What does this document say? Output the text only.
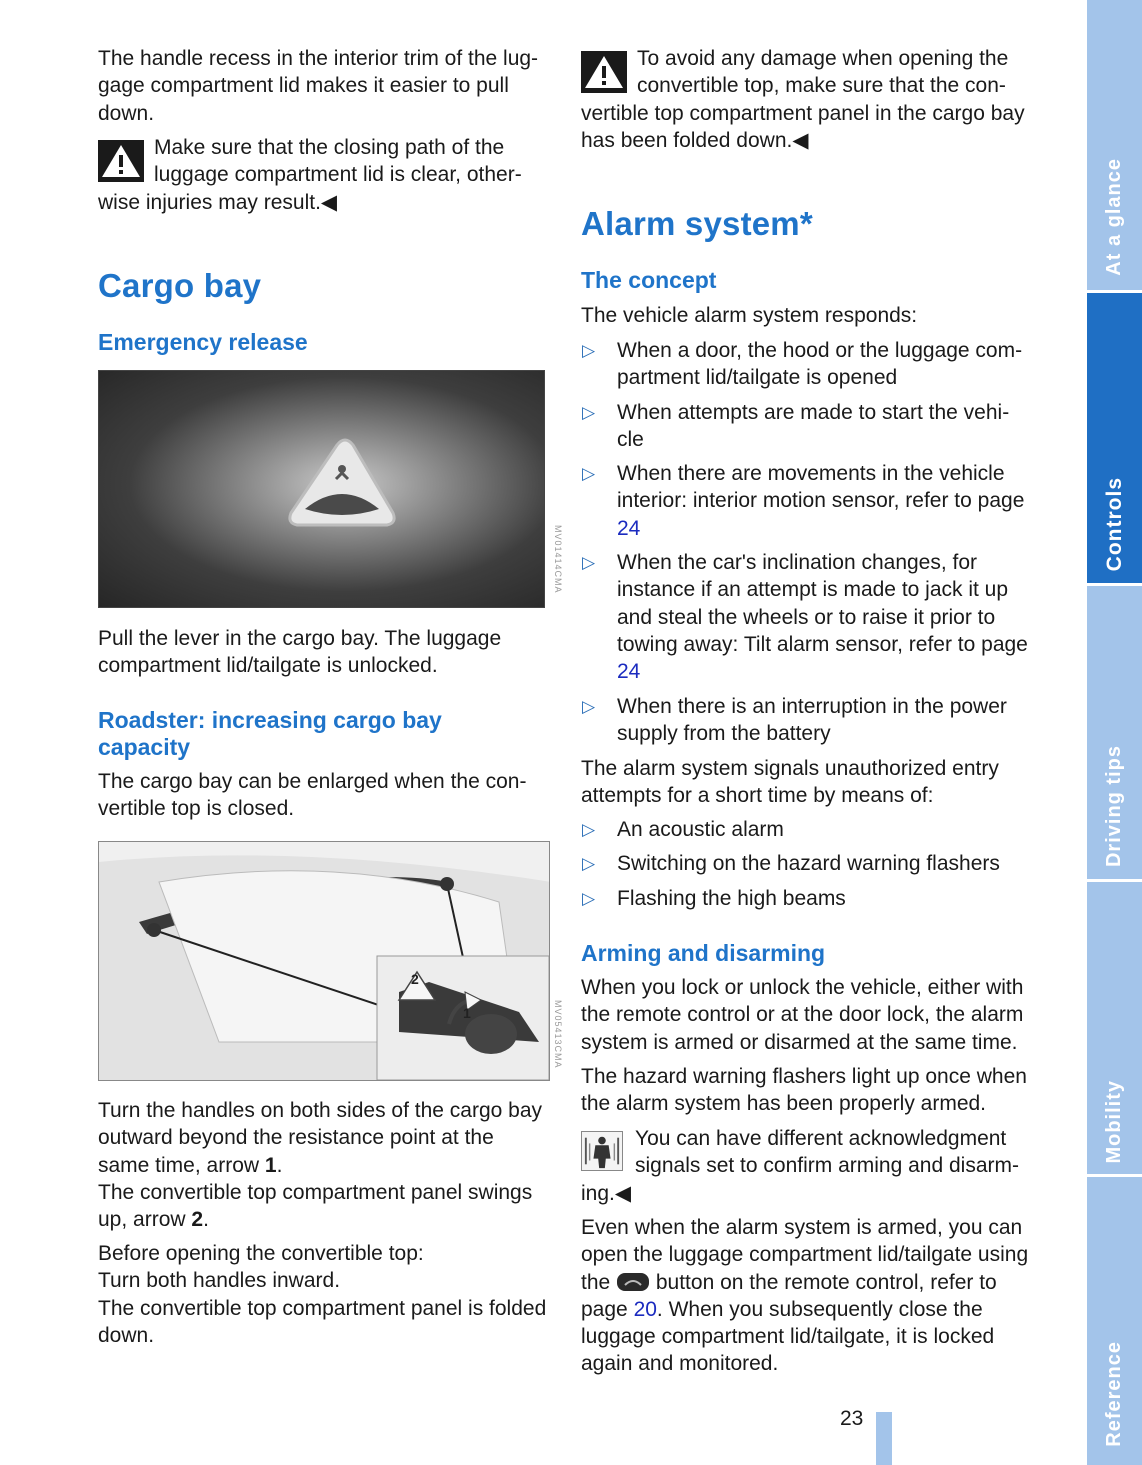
The handle recess in the interior trim of the lug-gage compartment lid makes it easier to pull down.

Make sure that the closing path of the luggage compartment lid is clear, other-wise injuries may result.◀
Cargo bay
Emergency release
MV01414CMA

Pull the lever in the cargo bay. The luggage compartment lid/tailgate is unlocked.

Roadster: increasing cargo bay capacity

The cargo bay can be enlarged when the con-vertible top is closed.

2
1	MV05413CMA

Turn the handles on both sides of the cargo bay outward beyond the resistance point at the same time, arrow 1.
The convertible top compartment panel swings up, arrow 2.

Before opening the convertible top:
Turn both handles inward.
The convertible top compartment panel is folded down.

To avoid any damage when opening the convertible top, make sure that the con-vertible top compartment panel in the cargo bay has been folded down.◀
Alarm system*
The concept

The vehicle alarm system responds:

▷ When a door, the hood or the luggage com-partment lid/tailgate is opened
▷ When attempts are made to start the vehi-cle
▷ When there are movements in the vehicle interior: interior motion sensor, refer to page 24
▷ When the car's inclination changes, for instance if an attempt is made to jack it up and steal the wheels or to raise it prior to towing away: Tilt alarm sensor, refer to page 24
▷ When there is an interruption in the power supply from the battery

The alarm system signals unauthorized entry attempts for a short time by means of:

▷ An acoustic alarm
▷ Switching on the hazard warning flashers
▷ Flashing the high beams
Arming and disarming

When you lock or unlock the vehicle, either with the remote control or at the door lock, the alarm system is armed or disarmed at the same time.

The hazard warning flashers light up once when the alarm system has been properly armed.

You can have different acknowledgment signals set to confirm arming and disarm-ing.◀

Even when the alarm system is armed, you can open the luggage compartment lid/tailgate using the  button on the remote control, refer to page 20. When you subsequently close the luggage compartment lid/tailgate, it is locked again and monitored.

23
At a glance
Controls
Driving tips
Mobility
Reference
